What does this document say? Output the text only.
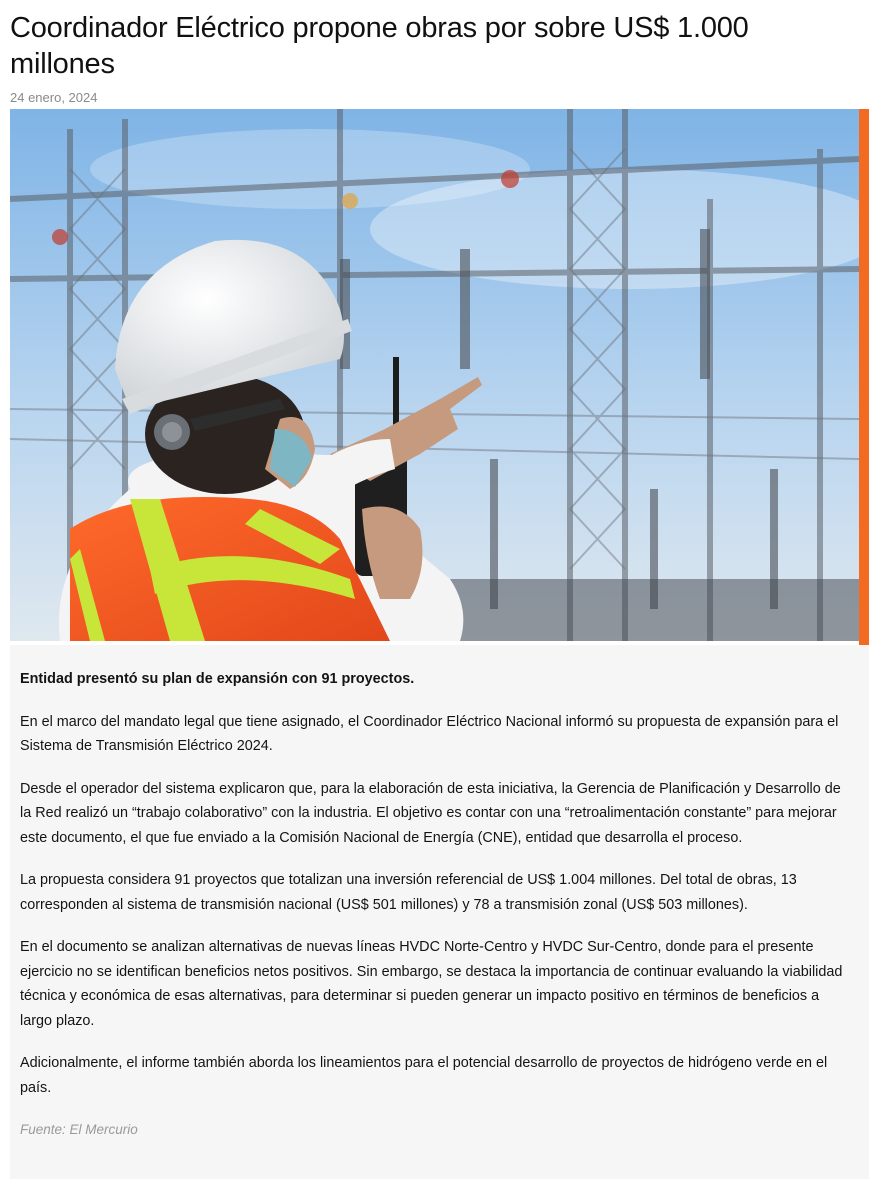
Coordinador Eléctrico propone obras por sobre US$ 1.000 millones
24 enero, 2024

Entidad presentó su plan de expansión con 91 proyectos.

En el marco del mandato legal que tiene asignado, el Coordinador Eléctrico Nacional informó su propuesta de expansión para el Sistema de Transmisión Eléctrico 2024.

Desde el operador del sistema explicaron que, para la elaboración de esta iniciativa, la Gerencia de Planificación y Desarrollo de la Red realizó un “trabajo colaborativo” con la industria. El objetivo es contar con una “retroalimentación constante” para mejorar este documento, el que fue enviado a la Comisión Nacional de Energía (CNE), entidad que desarrolla el proceso.

La propuesta considera 91 proyectos que totalizan una inversión referencial de US$ 1.004 millones. Del total de obras, 13 corresponden al sistema de transmisión nacional (US$ 501 millones) y 78 a transmisión zonal (US$ 503 millones).

En el documento se analizan alternativas de nuevas líneas HVDC Norte-Centro y HVDC Sur-Centro, donde para el presente ejercicio no se identifican beneficios netos positivos. Sin embargo, se destaca la importancia de continuar evaluando la viabilidad técnica y económica de esas alternativas, para determinar si pueden generar un impacto positivo en términos de beneficios a largo plazo.

Adicionalmente, el informe también aborda los lineamientos para el potencial desarrollo de proyectos de hidrógeno verde en el país.

Fuente: El Mercurio
